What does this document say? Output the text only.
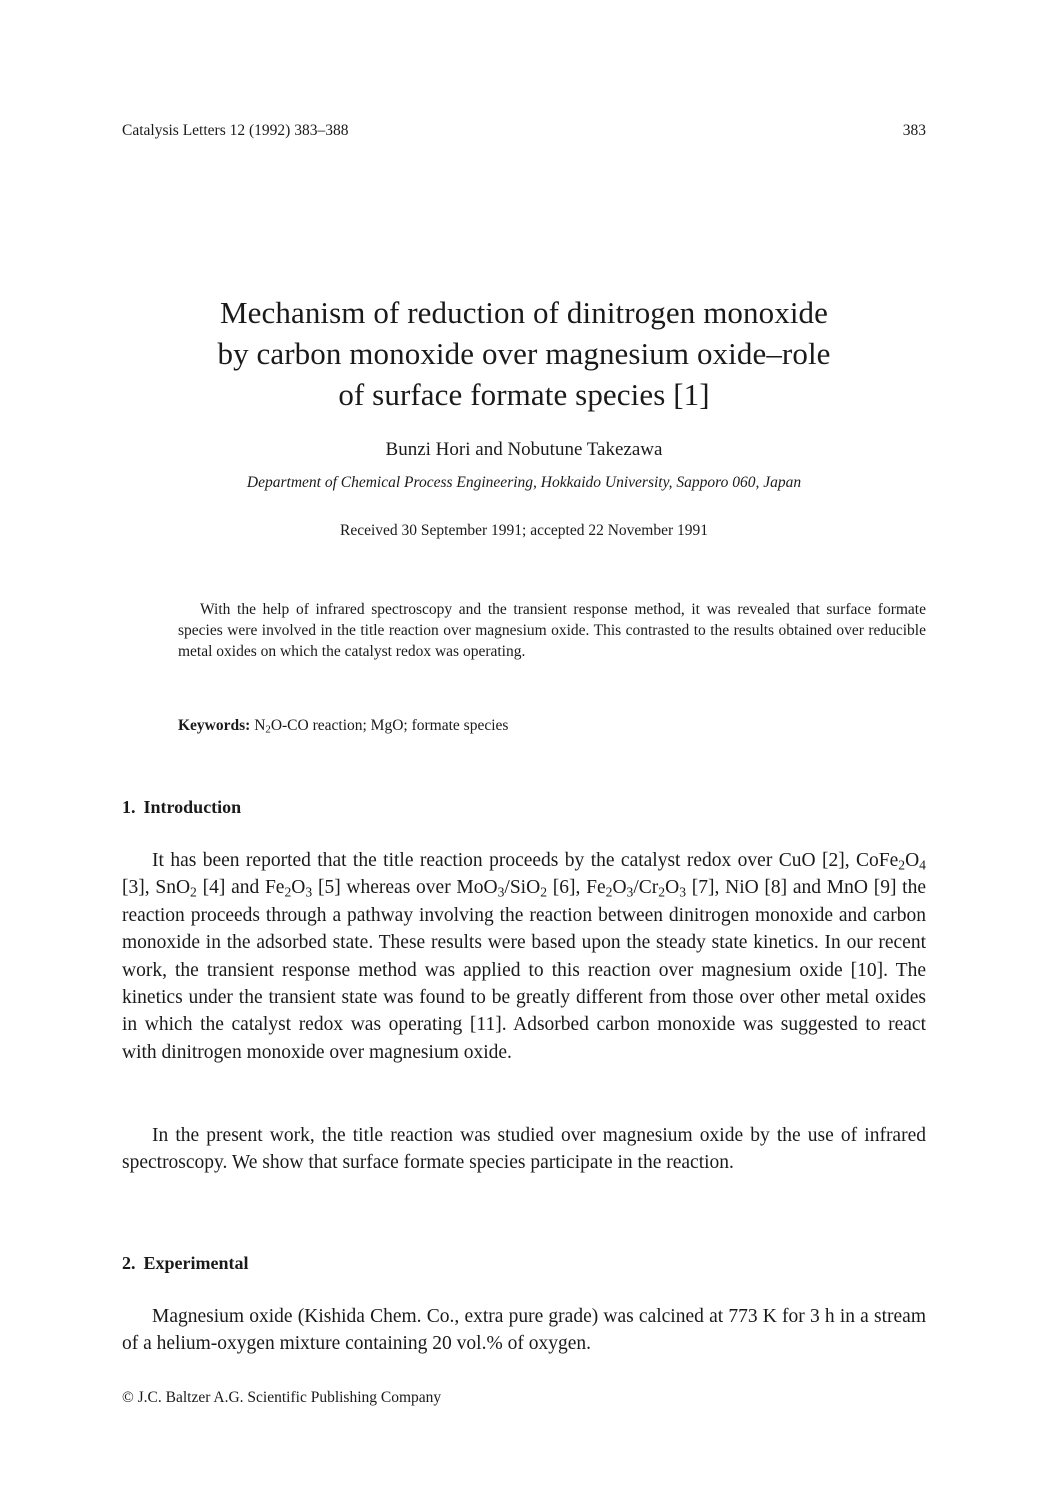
Catalysis Letters 12 (1992) 383–388	383
Mechanism of reduction of dinitrogen monoxide
by carbon monoxide over magnesium oxide–role
of surface formate species [1]
Bunzi Hori and Nobutune Takezawa
Department of Chemical Process Engineering, Hokkaido University, Sapporo 060, Japan
Received 30 September 1991; accepted 22 November 1991
With the help of infrared spectroscopy and the transient response method, it was revealed that surface formate species were involved in the title reaction over magnesium oxide. This contrasted to the results obtained over reducible metal oxides on which the catalyst redox was operating.
Keywords: $N_2O-CO$ reaction; MgO; formate species
1. Introduction

It has been reported that the title reaction proceeds by the catalyst redox over CuO [2], $CoFe_2O_4$ [3], SnO$_2$ [4] and $Fe_2O_3$ [5] whereas over MoO$_3$/SiO$_2$ [6], $Fe_2O_3/Cr_2O_3$ [7], NiO [8] and MnO [9] the reaction proceeds through a pathway involving the reaction between dinitrogen monoxide and carbon monoxide in the adsorbed state. These results were based upon the steady state kinetics. In our recent work, the transient response method was applied to this reaction over magnesium oxide [10]. The kinetics under the transient state was found to be greatly different from those over other metal oxides in which the catalyst redox was operating [11]. Adsorbed carbon monoxide was suggested to react with dinitrogen monoxide over magnesium oxide.

In the present work, the title reaction was studied over magnesium oxide by the use of infrared spectroscopy. We show that surface formate species participate in the reaction.

2. Experimental

Magnesium oxide (Kishida Chem. Co., extra pure grade) was calcined at 773 K for 3 h in a stream of a helium-oxygen mixture containing 20 vol.% of oxygen.

© J.C. Baltzer A.G. Scientific Publishing Company
